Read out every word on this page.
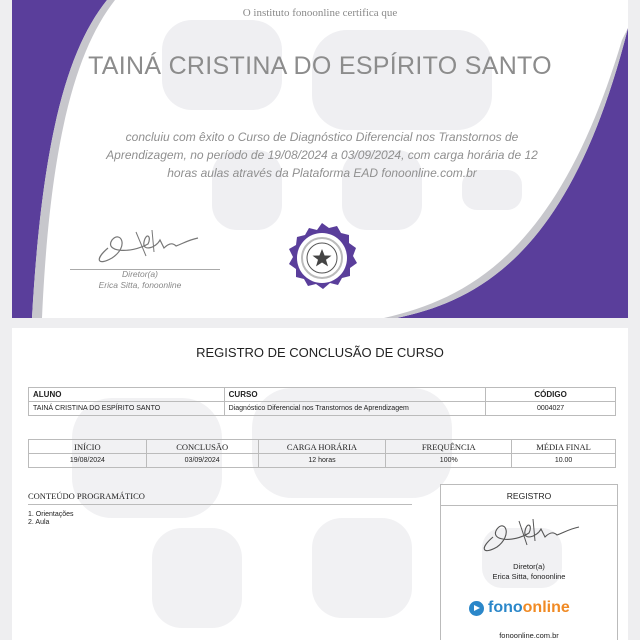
O instituto fonoonline certifica que
TAINÁ CRISTINA DO ESPÍRITO SANTO
concluiu com êxito o Curso de Diagnóstico Diferencial nos Transtornos de
Aprendizagem, no período de 19/08/2024 a 03/09/2024, com carga horária de 12
horas aulas através da Plataforma EAD fonoonline.com.br
Diretor(a)
Erica Sitta, fonoonline
REGISTRO DE CONCLUSÃO DE CURSO
ALUNO	CURSO	CÓDIGO
TAINÁ CRISTINA DO ESPÍRITO SANTO	Diagnóstico Diferencial nos Transtornos de Aprendizagem	0004027
INÍCIO	CONCLUSÃO	CARGA HORÁRIA	FREQUÊNCIA	MÉDIA FINAL
19/08/2024	03/09/2024	12 horas	100%	10.00
CONTEÚDO PROGRAMÁTICO
1. Orientações
2. Aula
REGISTRO
Diretor(a)
Erica Sitta, fonoonline
fono online
fonoonline.com.br
